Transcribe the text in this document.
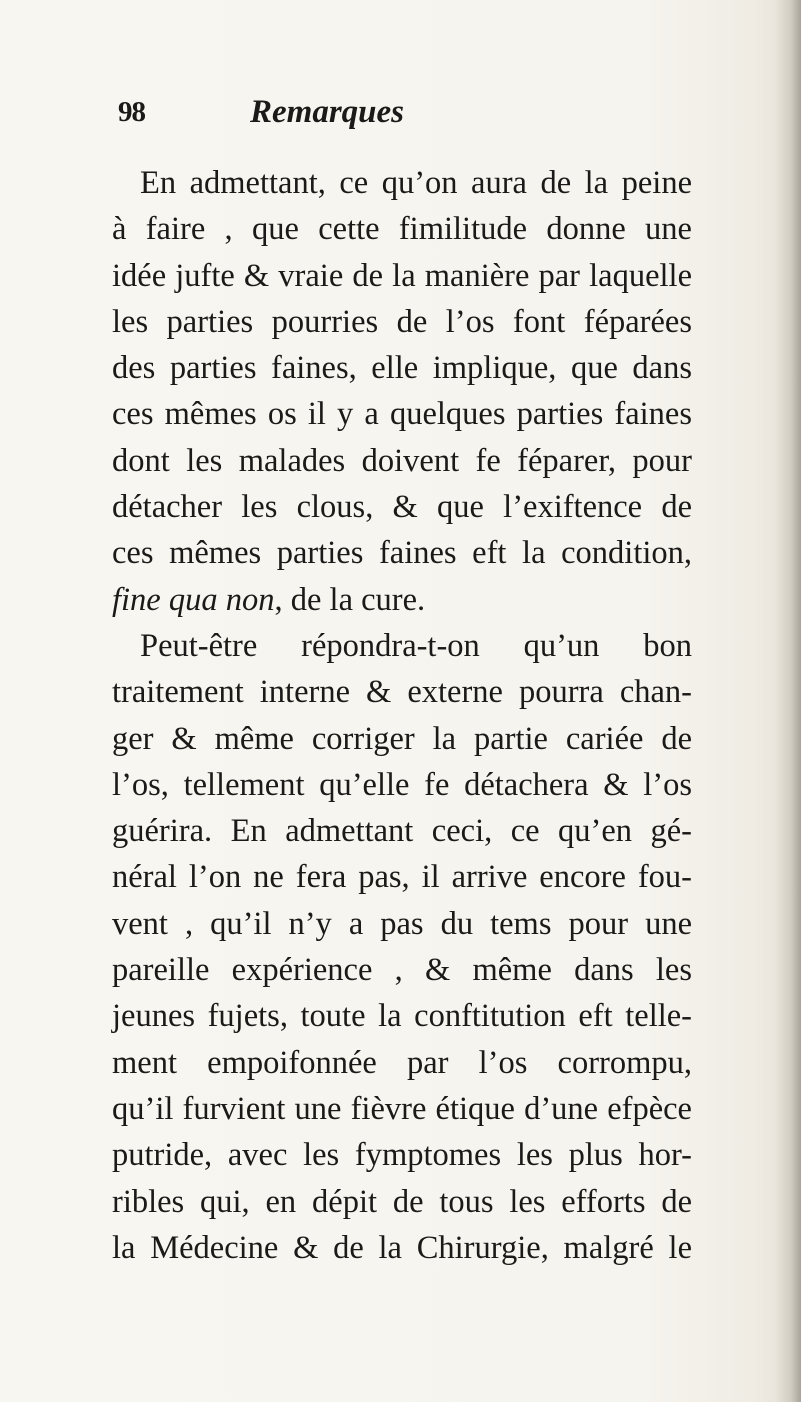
98	Remarques
En admettant, ce qu’on aura de la peine
à faire , que cette fimilitude donne une
idée jufte & vraie de la manière par laquelle
les parties pourries de l’os font féparées
des parties faines, elle implique, que dans
ces mêmes os il y a quelques parties faines
dont les malades doivent fe féparer, pour
détacher les clous, & que l’exiftence de
ces mêmes parties faines eft la condition,
fine qua non, de la cure.
Peut-être répondra-t-on qu’un bon
traitement interne & externe pourra chan-
ger & même corriger la partie cariée de
l’os, tellement qu’elle fe détachera & l’os
guérira. En admettant ceci, ce qu’en gé-
néral l’on ne fera pas, il arrive encore fou-
vent , qu’il n’y a pas du tems pour une
pareille expérience , & même dans les
jeunes fujets, toute la conftitution eft telle-
ment empoifonnée par l’os corrompu,
qu’il furvient une fièvre étique d’une efpèce
putride, avec les fymptomes les plus hor-
ribles qui, en dépit de tous les efforts de
la Médecine & de la Chirurgie, malgré le
